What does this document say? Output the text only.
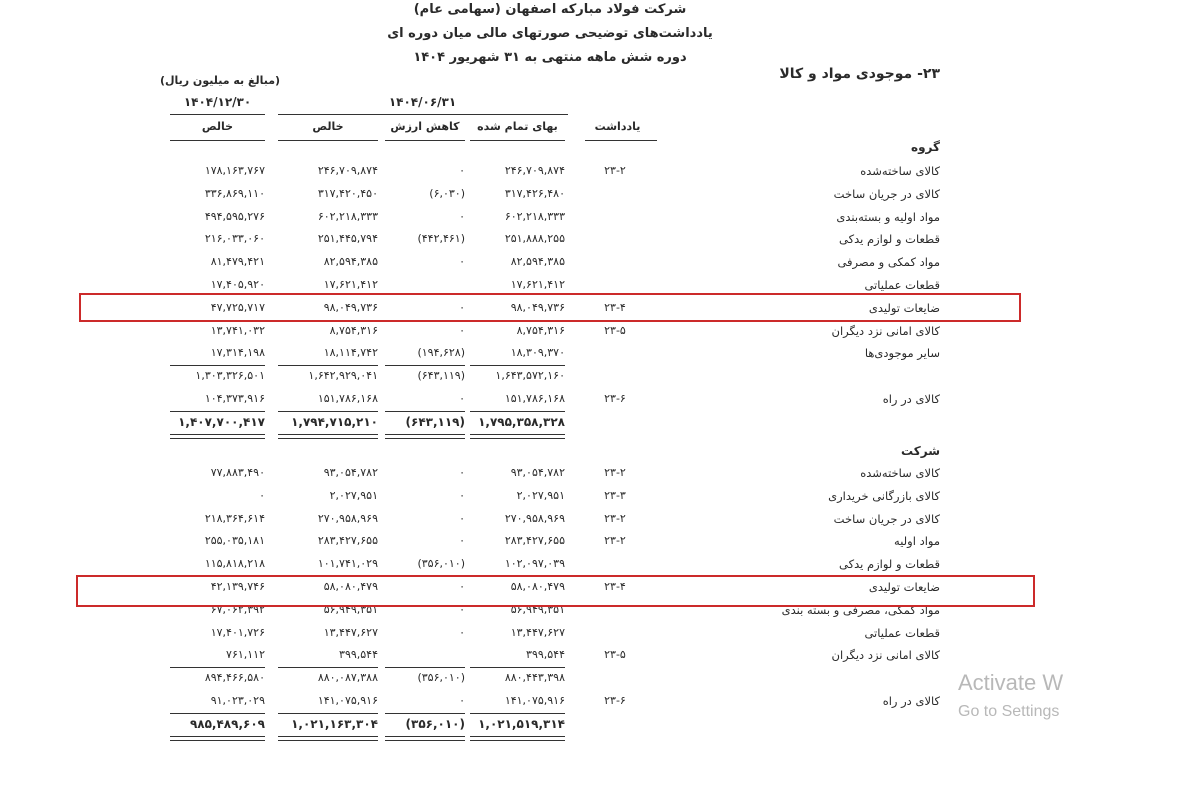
شرکت فولاد مبارکه اصفهان (سهامی عام)
یادداشت‌های توضیحی صورتهای مالی میان دوره ای
دوره شش ماهه منتهی به ۳۱ شهریور ۱۴۰۴
۲۳- موجودی مواد و کالا
(مبالغ به میلیون ریال)
۱۴۰۴/۰۶/۳۱
۱۴۰۴/۱۲/۳۰
بهای تمام شده
کاهش ارزش
خالص
خالص	یادداشت
گروه
کالای ساخته‌شده
۲۳-۲
۲۴۶,۷۰۹,۸۷۴
۰
۲۴۶,۷۰۹,۸۷۴
۱۷۸,۱۶۳,۷۶۷
کالای در جریان ساخت
۳۱۷,۴۲۶,۴۸۰
(۶,۰۳۰)
۳۱۷,۴۲۰,۴۵۰
۳۳۶,۸۶۹,۱۱۰
مواد اولیه و بسته‌بندی
۶۰۲,۲۱۸,۳۳۳
۰
۶۰۲,۲۱۸,۳۳۳
۴۹۴,۵۹۵,۲۷۶
قطعات و لوازم یدکی
۲۵۱,۸۸۸,۲۵۵
(۴۴۲,۴۶۱)
۲۵۱,۴۴۵,۷۹۴
۲۱۶,۰۳۳,۰۶۰
مواد کمکی و مصرفی
۸۲,۵۹۴,۳۸۵
۰
۸۲,۵۹۴,۳۸۵
۸۱,۴۷۹,۴۲۱
قطعات عملیاتی
۱۷,۶۲۱,۴۱۲
۱۷,۶۲۱,۴۱۲
۱۷,۴۰۵,۹۲۰
ضایعات تولیدی
۲۳-۴
۹۸,۰۴۹,۷۳۶
۰
۹۸,۰۴۹,۷۳۶
۴۷,۷۲۵,۷۱۷
کالای امانی نزد دیگران
۲۳-۵
۸,۷۵۴,۳۱۶
۰
۸,۷۵۴,۳۱۶
۱۳,۷۴۱,۰۳۲
سایر موجودی‌ها
۱۸,۳۰۹,۳۷۰
(۱۹۴,۶۲۸)
۱۸,۱۱۴,۷۴۲
۱۷,۳۱۴,۱۹۸
۱,۶۴۳,۵۷۲,۱۶۰
(۶۴۳,۱۱۹)
۱,۶۴۲,۹۲۹,۰۴۱
۱,۳۰۳,۳۲۶,۵۰۱
کالای در راه
۲۳-۶
۱۵۱,۷۸۶,۱۶۸
۰
۱۵۱,۷۸۶,۱۶۸
۱۰۴,۳۷۳,۹۱۶
۱,۷۹۵,۳۵۸,۳۲۸
(۶۴۳,۱۱۹)
۱,۷۹۴,۷۱۵,۲۱۰
۱,۴۰۷,۷۰۰,۴۱۷
شرکت
کالای ساخته‌شده
۲۳-۲
۹۳,۰۵۴,۷۸۲
۰
۹۳,۰۵۴,۷۸۲
۷۷,۸۸۳,۴۹۰
کالای بازرگانی خریداری
۲۳-۳
۲,۰۲۷,۹۵۱
۰
۲,۰۲۷,۹۵۱
۰
کالای در جریان ساخت
۲۳-۲
۲۷۰,۹۵۸,۹۶۹
۰
۲۷۰,۹۵۸,۹۶۹
۲۱۸,۳۶۴,۶۱۴
مواد اولیه
۲۳-۲
۲۸۳,۴۲۷,۶۵۵
۰
۲۸۳,۴۲۷,۶۵۵
۲۵۵,۰۳۵,۱۸۱
قطعات و لوازم یدکی
۱۰۲,۰۹۷,۰۳۹
(۳۵۶,۰۱۰)
۱۰۱,۷۴۱,۰۲۹
۱۱۵,۸۱۸,۲۱۸
ضایعات تولیدی
۲۳-۴
۵۸,۰۸۰,۴۷۹
۰
۵۸,۰۸۰,۴۷۹
۴۲,۱۳۹,۷۴۶
مواد کمکی، مصرفی و بسته بندی
۵۶,۹۴۹,۳۵۱
۰
۵۶,۹۴۹,۳۵۱
۶۷,۰۶۲,۳۹۲
قطعات عملیاتی
۱۳,۴۴۷,۶۲۷
۰
۱۳,۴۴۷,۶۲۷
۱۷,۴۰۱,۷۲۶
کالای امانی نزد دیگران
۲۳-۵
۳۹۹,۵۴۴
۳۹۹,۵۴۴
۷۶۱,۱۱۲
۸۸۰,۴۴۳,۳۹۸
(۳۵۶,۰۱۰)
۸۸۰,۰۸۷,۳۸۸
۸۹۴,۴۶۶,۵۸۰
کالای در راه
۲۳-۶
۱۴۱,۰۷۵,۹۱۶
۰
۱۴۱,۰۷۵,۹۱۶
۹۱,۰۲۳,۰۲۹
۱,۰۲۱,۵۱۹,۳۱۴
(۳۵۶,۰۱۰)
۱,۰۲۱,۱۶۳,۳۰۴
۹۸۵,۴۸۹,۶۰۹
Activate W
Go to Settings
